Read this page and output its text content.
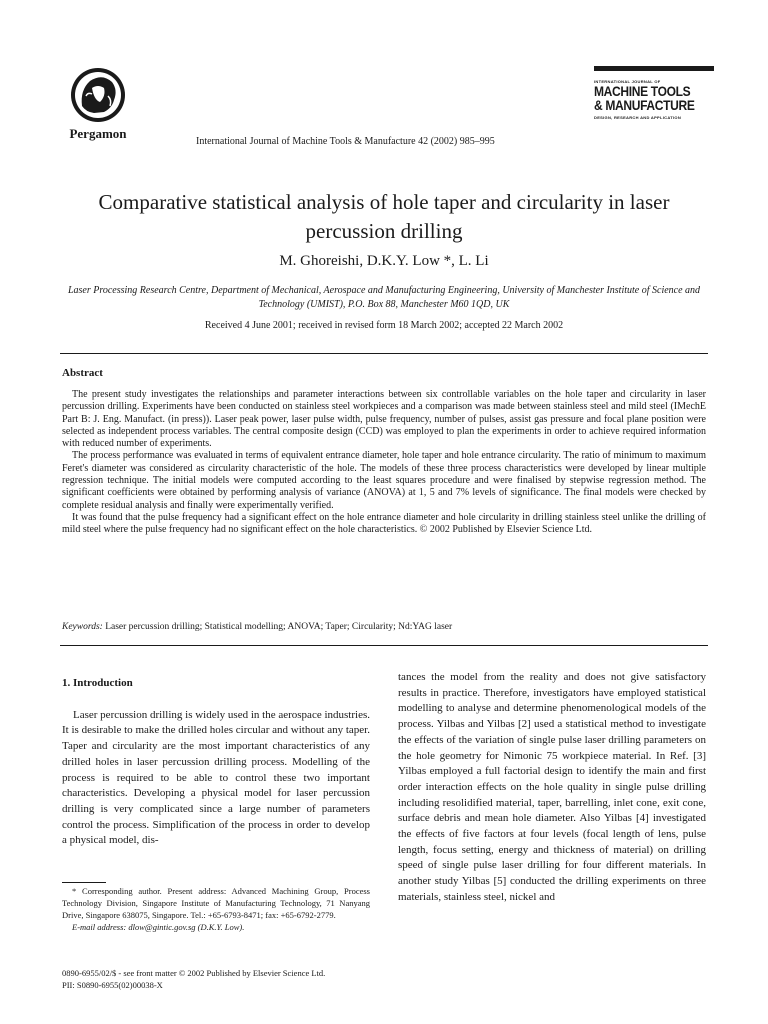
Pergamon
International Journal of Machine Tools & Manufacture 42 (2002) 985–995
INTERNATIONAL JOURNAL OF
MACHINE TOOLS
& MANUFACTURE
DESIGN, RESEARCH AND APPLICATION
Comparative statistical analysis of hole taper and circularity in laser percussion drilling
M. Ghoreishi, D.K.Y. Low *, L. Li
Laser Processing Research Centre, Department of Mechanical, Aerospace and Manufacturing Engineering, University of Manchester Institute of Science and Technology (UMIST), P.O. Box 88, Manchester M60 1QD, UK
Received 4 June 2001; received in revised form 18 March 2002; accepted 22 March 2002
Abstract

The present study investigates the relationships and parameter interactions between six controllable variables on the hole taper and circularity in laser percussion drilling. Experiments have been conducted on stainless steel workpieces and a comparison was made between stainless steel and mild steel (IMechE Part B: J. Eng. Manufact. (in press)). Laser peak power, laser pulse width, pulse frequency, number of pulses, assist gas pressure and focal plane position were selected as independent process variables. The central composite design (CCD) was employed to plan the experiments in order to achieve required information with reduced number of experiments.

The process performance was evaluated in terms of equivalent entrance diameter, hole taper and hole entrance circularity. The ratio of minimum to maximum Feret's diameter was considered as circularity characteristic of the hole. The models of these three process characteristics were developed by linear multiple regression technique. The initial models were computed according to the least squares procedure and were finalised by stepwise regression method. The significant coefficients were obtained by performing analysis of variance (ANOVA) at 1, 5 and 7% levels of significance. The final models were checked by complete residual analysis and finally were experimentally verified.

It was found that the pulse frequency had a significant effect on the hole entrance diameter and hole circularity in drilling stainless steel unlike the drilling of mild steel where the pulse frequency had no significant effect on the hole characteristics. © 2002 Published by Elsevier Science Ltd.

Keywords: Laser percussion drilling; Statistical modelling; ANOVA; Taper; Circularity; Nd:YAG laser
1. Introduction

Laser percussion drilling is widely used in the aerospace industries. It is desirable to make the drilled holes circular and without any taper. Taper and circularity are the most important characteristics of any drilled holes in laser percussion drilling process. Modelling of the process is required to be able to control these two important characteristics. Developing a physical model for laser percussion drilling is very complicated since a large number of parameters control the process. Simplification of the process in order to develop a physical model, dis-

tances the model from the reality and does not give satisfactory results in practice. Therefore, investigators have employed statistical modelling to analyse and determine phenomenological models of the process. Yilbas and Yilbas [2] used a statistical method to investigate the effects of the variation of single pulse laser drilling parameters on the hole geometry for Nimonic 75 workpiece material. In Ref. [3] Yilbas employed a full factorial design to identify the main and first order interaction effects on the hole quality in single pulse drilling including resolidified material, taper, barrelling, inlet cone, exit cone, surface debris and mean hole diameter. Also Yilbas [4] investigated the effects of five factors at four levels (focal length of lens, pulse length, focus setting, energy and thickness of material) on drilling speed of single pulse laser drilling for four different materials. In another study Yilbas [5] conducted the drilling experiments on three materials, stainless steel, nickel and

* Corresponding author. Present address: Advanced Machining Group, Process Technology Division, Singapore Institute of Manufacturing Technology, 71 Nanyang Drive, Singapore 638075, Singapore. Tel.: +65-6793-8471; fax: +65-6792-2779.

E-mail address: dlow@gintic.gov.sg (D.K.Y. Low).

0890-6955/02/$ - see front matter © 2002 Published by Elsevier Science Ltd.
PII: S0890-6955(02)00038-X
